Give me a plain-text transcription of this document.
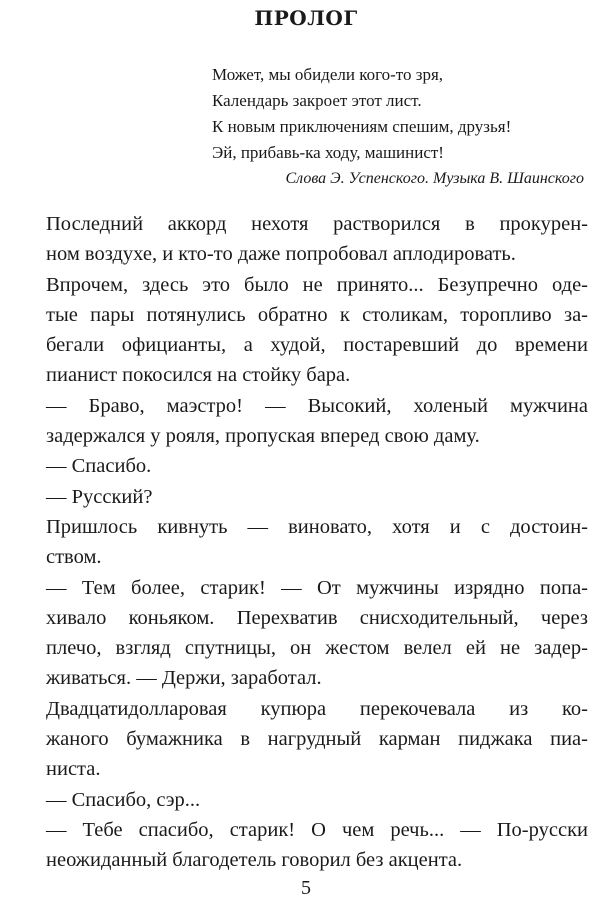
ПРОЛОГ
Может, мы обидели кого-то зря,
Календарь закроет этот лист.
К новым приключениям спешим, друзья!
Эй, прибавь-ка ходу, машинист!
Слова Э. Успенского. Музыка В. Шаинского
Последний аккорд нехотя растворился в прокурен-
ном воздухе, и кто-то даже попробовал аплодировать.
Впрочем, здесь это было не принято... Безупречно оде-
тые пары потянулись обратно к столикам, торопливо за-
бегали официанты, а худой, постаревший до времени
пианист покосился на стойку бара.
— Браво, маэстро! — Высокий, холеный мужчина
задержался у рояля, пропуская вперед свою даму.
— Спасибо.
— Русский?
Пришлось кивнуть — виновато, хотя и с достоин-
ством.
— Тем более, старик! — От мужчины изрядно попа-
хивало коньяком. Перехватив снисходительный, через
плечо, взгляд спутницы, он жестом велел ей не задер-
живаться. — Держи, заработал.
Двадцатидолларовая купюра перекочевала из ко-
жаного бумажника в нагрудный карман пиджака пиа-
ниста.
— Спасибо, сэр...
— Тебе спасибо, старик! О чем речь... — По-русски
неожиданный благодетель говорил без акцента.
5
